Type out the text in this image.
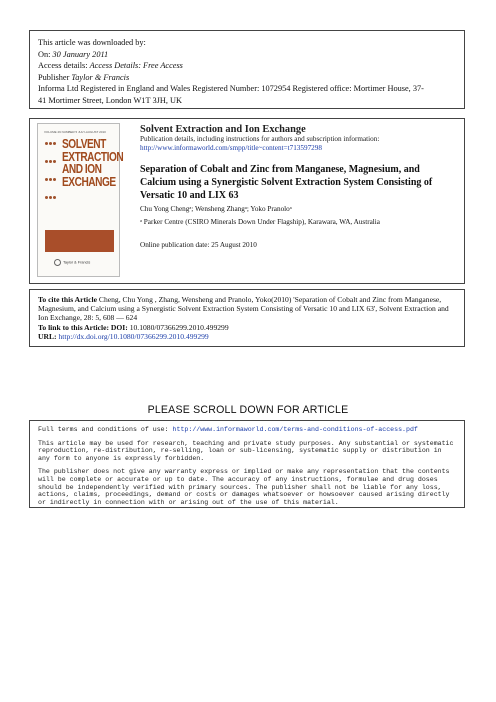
This article was downloaded by:
On: 30 January 2011
Access details: Access Details: Free Access
Publisher Taylor & Francis
Informa Ltd Registered in England and Wales Registered Number: 1072954 Registered office: Mortimer House, 37-
41 Mortimer Street, London W1T 3JH, UK
VOLUME 29 NUMBER 5 JULY-AUGUST 2010

SOLVENT EXTRACTION AND ION EXCHANGE
Taylor & Francis
Solvent Extraction and Ion Exchange
Publication details, including instructions for authors and subscription information:
http://www.informaworld.com/smpp/title~content=t713597298
Separation of Cobalt and Zinc from Manganese, Magnesium, and Calcium using a Synergistic Solvent Extraction System Consisting of Versatic 10 and LIX 63
Chu Yong Chengᵃ; Wensheng Zhangᵃ; Yoko Pranoloᵃ
ᵃ Parker Centre (CSIRO Minerals Down Under Flagship), Karawara, WA, Australia
Online publication date: 25 August 2010
To cite this Article Cheng, Chu Yong , Zhang, Wensheng and Pranolo, Yoko(2010) 'Separation of Cobalt and Zinc from Manganese, Magnesium, and Calcium using a Synergistic Solvent Extraction System Consisting of Versatic 10 and LIX 63', Solvent Extraction and Ion Exchange, 28: 5, 608 — 624
To link to this Article: DOI: 10.1080/07366299.2010.499299
URL: http://dx.doi.org/10.1080/07366299.2010.499299
PLEASE SCROLL DOWN FOR ARTICLE

Full terms and conditions of use: http://www.informaworld.com/terms-and-conditions-of-access.pdf

This article may be used for research, teaching and private study purposes. Any substantial or systematic reproduction, re-distribution, re-selling, loan or sub-licensing, systematic supply or distribution in any form to anyone is expressly forbidden.

The publisher does not give any warranty express or implied or make any representation that the contents will be complete or accurate or up to date. The accuracy of any instructions, formulae and drug doses should be independently verified with primary sources. The publisher shall not be liable for any loss, actions, claims, proceedings, demand or costs or damages whatsoever or howsoever caused arising directly or indirectly in connection with or arising out of the use of this material.
